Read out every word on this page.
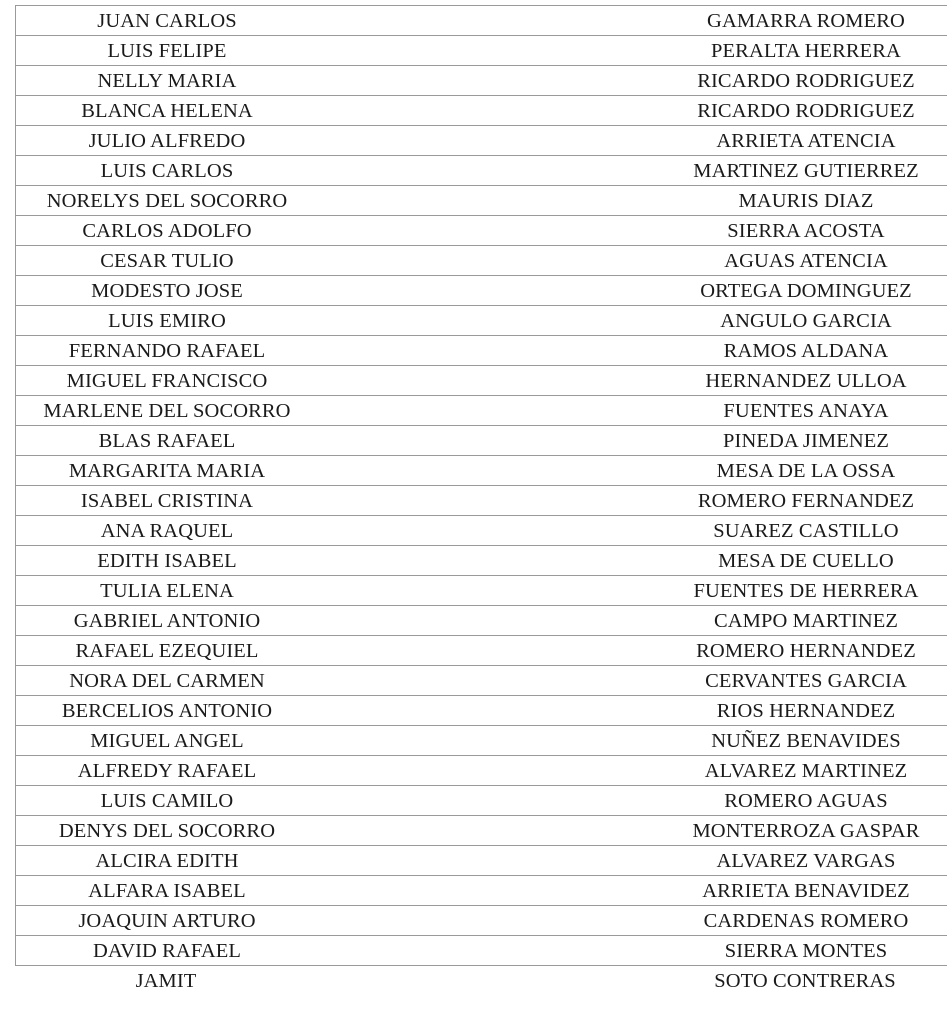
JUAN CARLOS	GAMARRA ROMERO
LUIS FELIPE	PERALTA HERRERA
NELLY MARIA	RICARDO RODRIGUEZ
BLANCA HELENA	RICARDO RODRIGUEZ
JULIO ALFREDO	ARRIETA ATENCIA
LUIS CARLOS	MARTINEZ GUTIERREZ
NORELYS DEL SOCORRO	MAURIS DIAZ
CARLOS ADOLFO	SIERRA ACOSTA
CESAR TULIO	AGUAS ATENCIA
MODESTO JOSE	ORTEGA DOMINGUEZ
LUIS EMIRO	ANGULO GARCIA
FERNANDO RAFAEL	RAMOS ALDANA
MIGUEL FRANCISCO	HERNANDEZ ULLOA
MARLENE DEL SOCORRO	FUENTES ANAYA
BLAS RAFAEL	PINEDA JIMENEZ
MARGARITA MARIA	MESA DE LA OSSA
ISABEL CRISTINA	ROMERO FERNANDEZ
ANA RAQUEL	SUAREZ CASTILLO
EDITH ISABEL	MESA DE CUELLO
TULIA ELENA	FUENTES DE HERRERA
GABRIEL ANTONIO	CAMPO MARTINEZ
RAFAEL EZEQUIEL	ROMERO HERNANDEZ
NORA DEL CARMEN	CERVANTES GARCIA
BERCELIOS ANTONIO	RIOS HERNANDEZ
MIGUEL ANGEL	NUÑEZ BENAVIDES
ALFREDY RAFAEL	ALVAREZ MARTINEZ
LUIS CAMILO	ROMERO AGUAS
DENYS DEL SOCORRO	MONTERROZA GASPAR
ALCIRA EDITH	ALVAREZ VARGAS
ALFARA ISABEL	ARRIETA BENAVIDEZ
JOAQUIN ARTURO	CARDENAS ROMERO
DAVID RAFAEL	SIERRA MONTES
JAMIT	SOTO CONTRERAS
